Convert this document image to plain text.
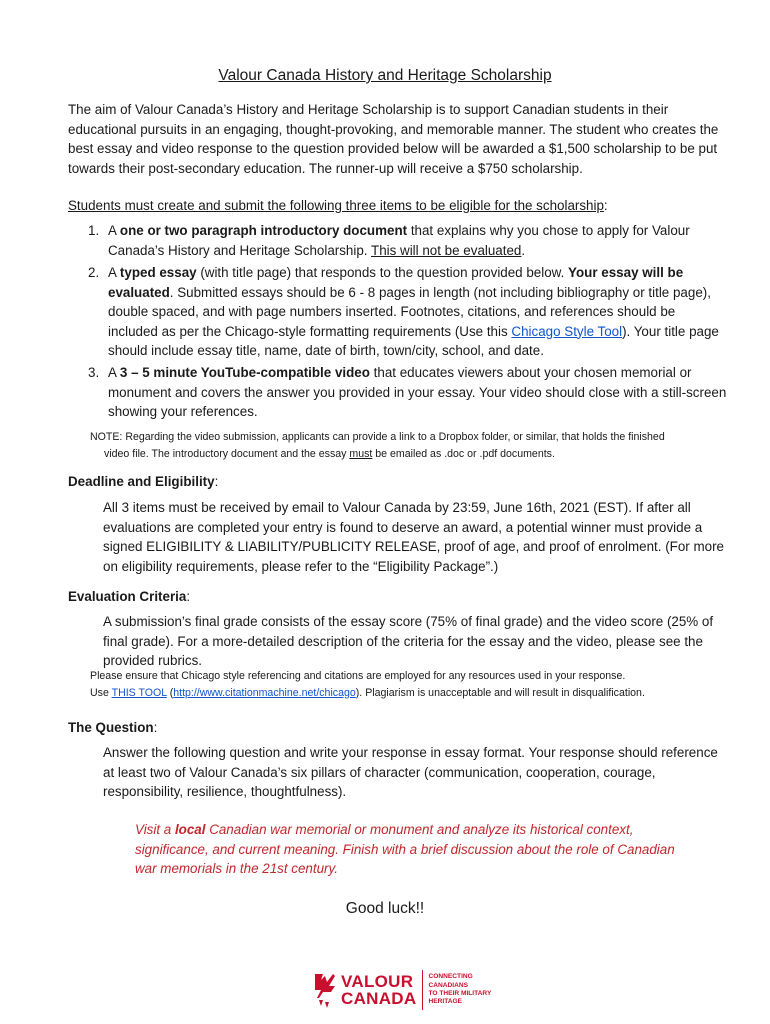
Valour Canada History and Heritage Scholarship

The aim of Valour Canada’s History and Heritage Scholarship is to support Canadian students in their educational pursuits in an engaging, thought-provoking, and memorable manner. The student who creates the best essay and video response to the question provided below will be awarded a $1,500 scholarship to be put towards their post-secondary education. The runner-up will receive a $750 scholarship.

Students must create and submit the following three items to be eligible for the scholarship:
1. A one or two paragraph introductory document that explains why you chose to apply for Valour Canada’s History and Heritage Scholarship. This will not be evaluated.
2. A typed essay (with title page) that responds to the question provided below. Your essay will be evaluated. Submitted essays should be 6 - 8 pages in length (not including bibliography or title page), double spaced, and with page numbers inserted. Footnotes, citations, and references should be included as per the Chicago-style formatting requirements (Use this Chicago Style Tool). Your title page should include essay title, name, date of birth, town/city, school, and date.
3. A 3 – 5 minute YouTube-compatible video that educates viewers about your chosen memorial or monument and covers the answer you provided in your essay. Your video should close with a still-screen showing your references.
NOTE: Regarding the video submission, applicants can provide a link to a Dropbox folder, or similar, that holds the finished
video file. The introductory document and the essay must be emailed as .doc or .pdf documents.
Deadline and Eligibility:

All 3 items must be received by email to Valour Canada by 23:59, June 16th, 2021 (EST). If after all evaluations are completed your entry is found to deserve an award, a potential winner must provide a signed ELIGIBILITY & LIABILITY/PUBLICITY RELEASE, proof of age, and proof of enrolment. (For more on eligibility requirements, please refer to the “Eligibility Package”.)

Evaluation Criteria:

A submission’s final grade consists of the essay score (75% of final grade) and the video score (25% of final grade). For a more-detailed description of the criteria for the essay and the video, please see the provided rubrics.

Please ensure that Chicago style referencing and citations are employed for any resources used in your response.
Use THIS TOOL (http://www.citationmachine.net/chicago). Plagiarism is unacceptable and will result in disqualification.
The Question:

Answer the following question and write your response in essay format. Your response should reference at least two of Valour Canada’s six pillars of character (communication, cooperation, courage, responsibility, resilience, thoughtfulness).

Visit a local Canadian war memorial or monument and analyze its historical context, significance, and current meaning. Finish with a brief discussion about the role of Canadian war memorials in the 21st century.

Good luck!!
VALOUR
CANADA
CONNECTING
CANADIANS
TO THEIR MILITARY
HERITAGE
